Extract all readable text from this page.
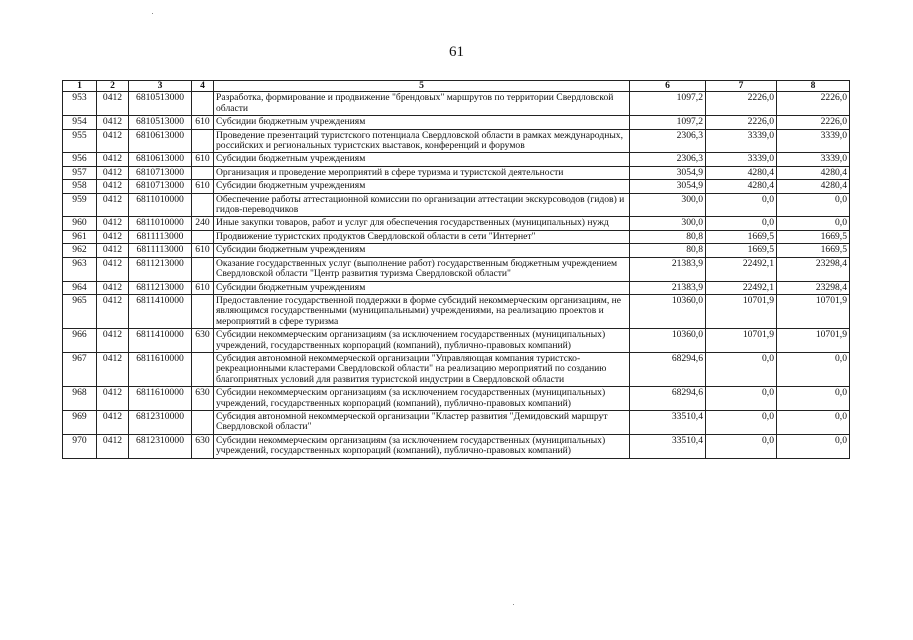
61
1	2	3	4	5	6	7	8
953	0412	6810513000		Разработка, формирование и продвижение "брендовых" маршрутов по территории Свердловской области	1097,2	2226,0	2226,0
954	0412	6810513000	610	Субсидии бюджетным учреждениям	1097,2	2226,0	2226,0
955	0412	6810613000		Проведение презентаций туристского потенциала Свердловской области в рамках международных, российских и региональных туристских выставок, конференций и форумов	2306,3	3339,0	3339,0
956	0412	6810613000	610	Субсидии бюджетным учреждениям	2306,3	3339,0	3339,0
957	0412	6810713000		Организация и проведение мероприятий в сфере туризма и туристской деятельности	3054,9	4280,4	4280,4
958	0412	6810713000	610	Субсидии бюджетным учреждениям	3054,9	4280,4	4280,4
959	0412	6811010000		Обеспечение работы аттестационной комиссии по организации аттестации экскурсоводов (гидов) и гидов-переводчиков	300,0	0,0	0,0
960	0412	6811010000	240	Иные закупки товаров, работ и услуг для обеспечения государственных (муниципальных) нужд	300,0	0,0	0,0
961	0412	6811113000		Продвижение туристских продуктов Свердловской области в сети "Интернет"	80,8	1669,5	1669,5
962	0412	6811113000	610	Субсидии бюджетным учреждениям	80,8	1669,5	1669,5
963	0412	6811213000		Оказание государственных услуг (выполнение работ) государственным бюджетным учреждением Свердловской области "Центр развития туризма Свердловской области"	21383,9	22492,1	23298,4
964	0412	6811213000	610	Субсидии бюджетным учреждениям	21383,9	22492,1	23298,4
965	0412	6811410000		Предоставление государственной поддержки в форме субсидий некоммерческим организациям, не являющимся государственными (муниципальными) учреждениями, на реализацию проектов и мероприятий в сфере туризма	10360,0	10701,9	10701,9
966	0412	6811410000	630	Субсидии некоммерческим организациям (за исключением государственных (муниципальных) учреждений, государственных корпораций (компаний), публично-правовых компаний)	10360,0	10701,9	10701,9
967	0412	6811610000		Субсидия автономной некоммерческой организации "Управляющая компания туристско-рекреационными кластерами Свердловской области" на реализацию мероприятий по созданию благоприятных условий для развития туристской индустрии в Свердловской области	68294,6	0,0	0,0
968	0412	6811610000	630	Субсидии некоммерческим организациям (за исключением государственных (муниципальных) учреждений, государственных корпораций (компаний), публично-правовых компаний)	68294,6	0,0	0,0
969	0412	6812310000		Субсидия автономной некоммерческой организации "Кластер развития "Демидовский маршрут Свердловской области"	33510,4	0,0	0,0
970	0412	6812310000	630	Субсидии некоммерческим организациям (за исключением государственных (муниципальных) учреждений, государственных корпораций (компаний), публично-правовых компаний)	33510,4	0,0	0,0
